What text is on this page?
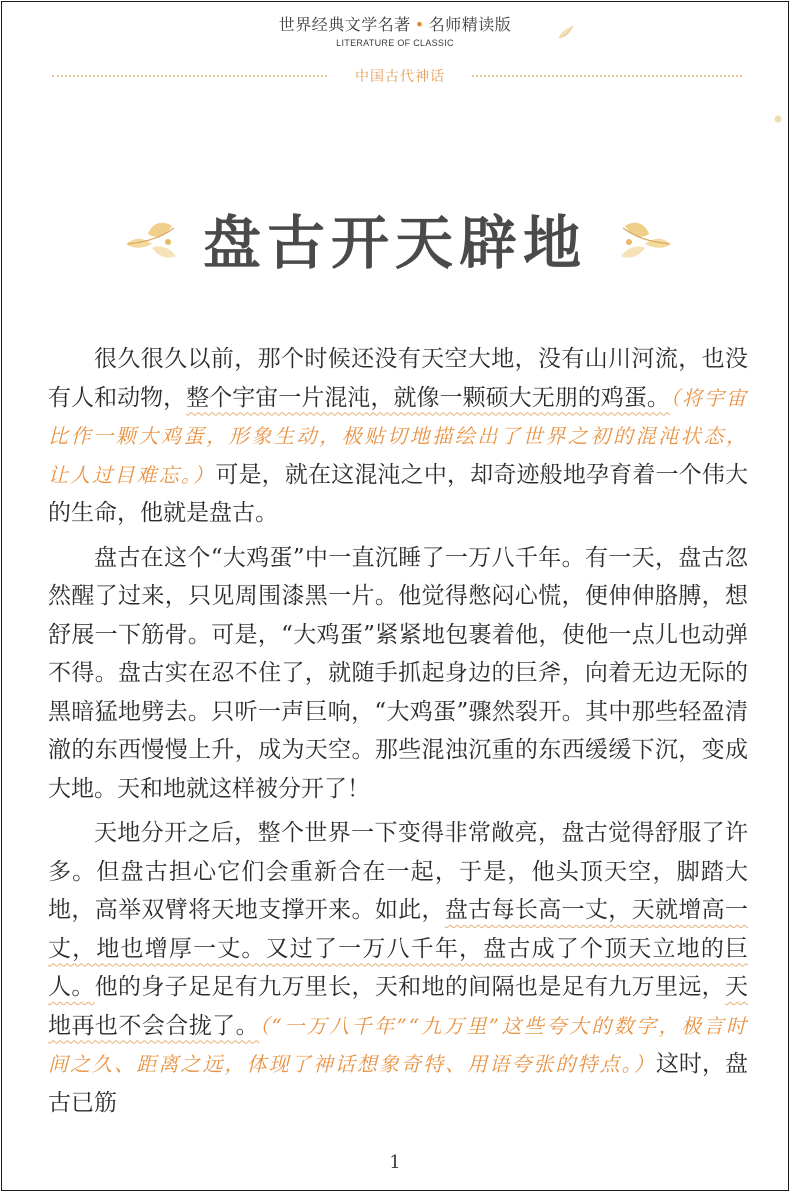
世界经典文学名著 • 名师精读版
LITERATURE OF CLASSIC
中国古代神话
盘古开天辟地

很久很久以前，那个时候还没有天空大地，没有山川河流，也没有人和动物，整个宇宙一片混沌，就像一颗硕大无朋的鸡蛋。（将宇宙比作一颗大鸡蛋，形象生动，极贴切地描绘出了世界之初的混沌状态，让人过目难忘。）可是，就在这混沌之中，却奇迹般地孕育着一个伟大的生命，他就是盘古。

盘古在这个“大鸡蛋”中一直沉睡了一万八千年。有一天，盘古忽然醒了过来，只见周围漆黑一片。他觉得憋闷心慌，便伸伸胳膊，想舒展一下筋骨。可是，“大鸡蛋”紧紧地包裹着他，使他一点儿也动弹不得。盘古实在忍不住了，就随手抓起身边的巨斧，向着无边无际的黑暗猛地劈去。只听一声巨响，“大鸡蛋”骤然裂开。其中那些轻盈清澈的东西慢慢上升，成为天空。那些混浊沉重的东西缓缓下沉，变成大地。天和地就这样被分开了！

天地分开之后，整个世界一下变得非常敞亮，盘古觉得舒服了许多。但盘古担心它们会重新合在一起，于是，他头顶天空，脚踏大地，高举双臂将天地支撑开来。如此，盘古每长高一丈，天就增高一丈，地也增厚一丈。又过了一万八千年，盘古成了个顶天立地的巨人。他的身子足足有九万里长，天和地的间隔也是足有九万里远，天地再也不会合拢了。（“一万八千年”“九万里”这些夸大的数字，极言时间之久、距离之远，体现了神话想象奇特、用语夸张的特点。）这时，盘古已筋

1
